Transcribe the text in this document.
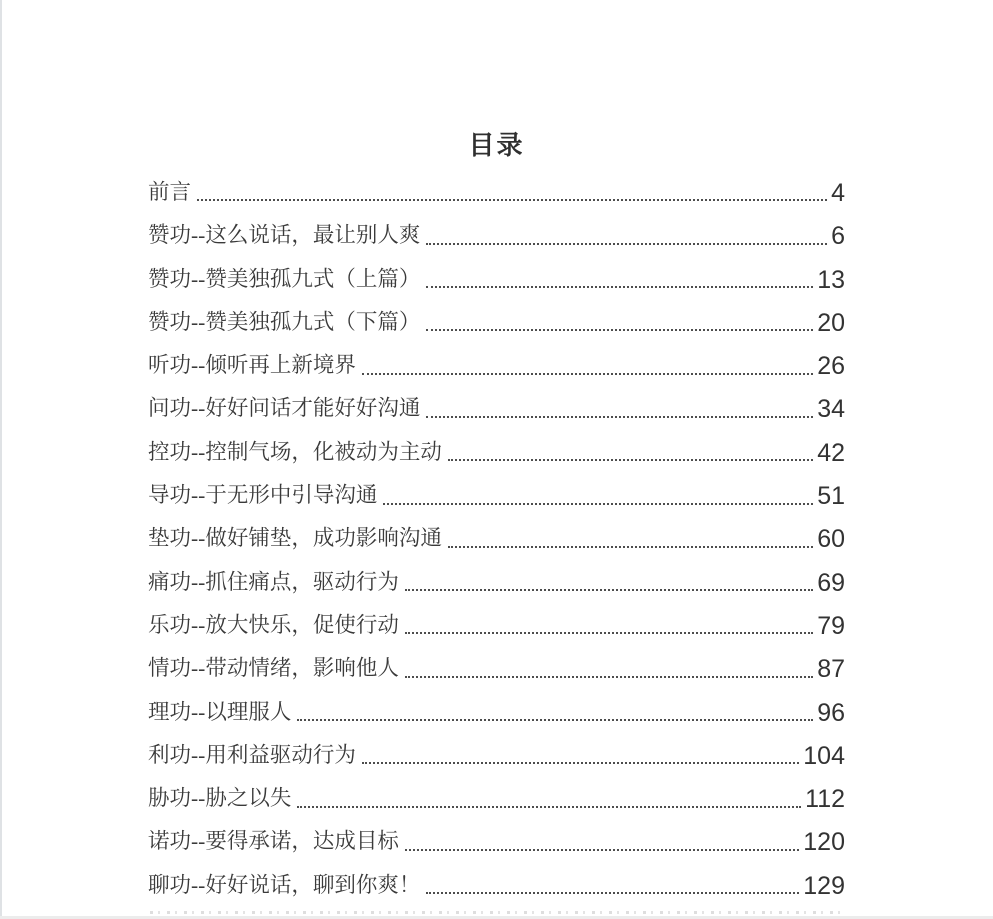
目录
前言	4
赞功--这么说话，最让别人爽	6
赞功--赞美独孤九式（上篇）	13
赞功--赞美独孤九式（下篇）	20
听功--倾听再上新境界	26
问功--好好问话才能好好沟通	34
控功--控制气场，化被动为主动	42
导功--于无形中引导沟通	51
垫功--做好铺垫，成功影响沟通	60
痛功--抓住痛点，驱动行为	69
乐功--放大快乐，促使行动	79
情功--带动情绪，影响他人	87
理功--以理服人	96
利功--用利益驱动行为	104
胁功--胁之以失	112
诺功--要得承诺，达成目标	120
聊功--好好说话，聊到你爽！	129
